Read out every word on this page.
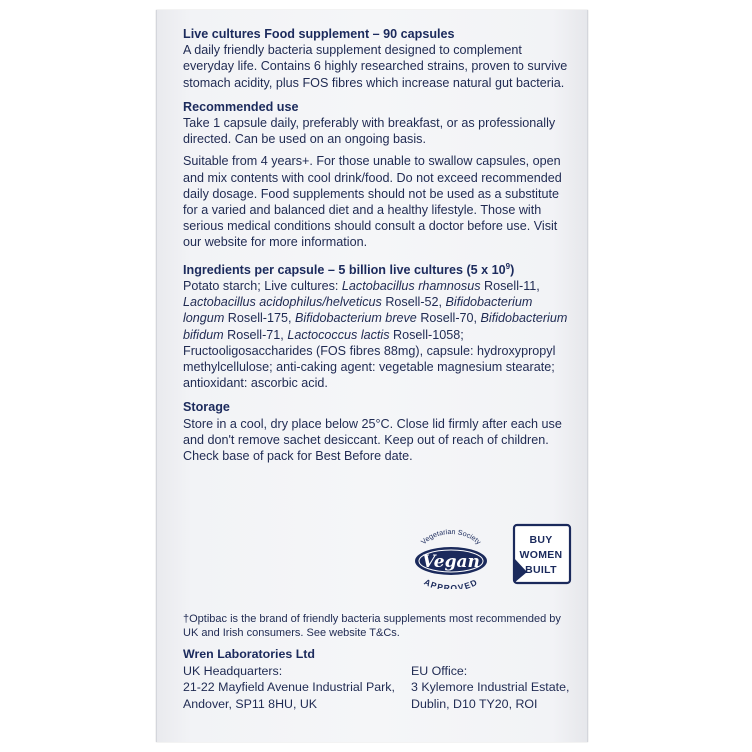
Live cultures Food supplement – 90 capsules

A daily friendly bacteria supplement designed to complement everyday life. Contains 6 highly researched strains, proven to survive stomach acidity, plus FOS fibres which increase natural gut bacteria.

Recommended use

Take 1 capsule daily, preferably with breakfast, or as professionally directed. Can be used on an ongoing basis.

Suitable from 4 years+. For those unable to swallow capsules, open and mix contents with cool drink/food. Do not exceed recommended daily dosage. Food supplements should not be used as a substitute for a varied and balanced diet and a healthy lifestyle. Those with serious medical conditions should consult a doctor before use. Visit our website for more information.

Ingredients per capsule – 5 billion live cultures (5 x $10^9$)

Potato starch; Live cultures: Lactobacillus rhamnosus Rosell-11, Lactobacillus acidophilus/helveticus Rosell-52, Bifidobacterium longum Rosell-175, Bifidobacterium breve Rosell-70, Bifidobacterium bifidum Rosell-71, Lactococcus lactis Rosell-1058; Fructooligosaccharides (FOS fibres 88mg), capsule: hydroxypropyl methylcellulose; anti-caking agent: vegetable magnesium stearate; antioxidant: ascorbic acid.

Storage

Store in a cool, dry place below 25°C. Close lid firmly after each use and don't remove sachet desiccant. Keep out of reach of children. Check base of pack for Best Before date.

Vegetarian Society
Vegan
APPROVED
BUY
WOMEN
BUILT
†Optibac is the brand of friendly bacteria supplements most recommended by UK and Irish consumers. See website T&Cs.
Wren Laboratories Ltd
UK Headquarters:
21-22 Mayfield Avenue Industrial Park,
Andover, SP11 8HU, UK
EU Office:
3 Kylemore Industrial Estate,
Dublin, D10 TY20, ROI
